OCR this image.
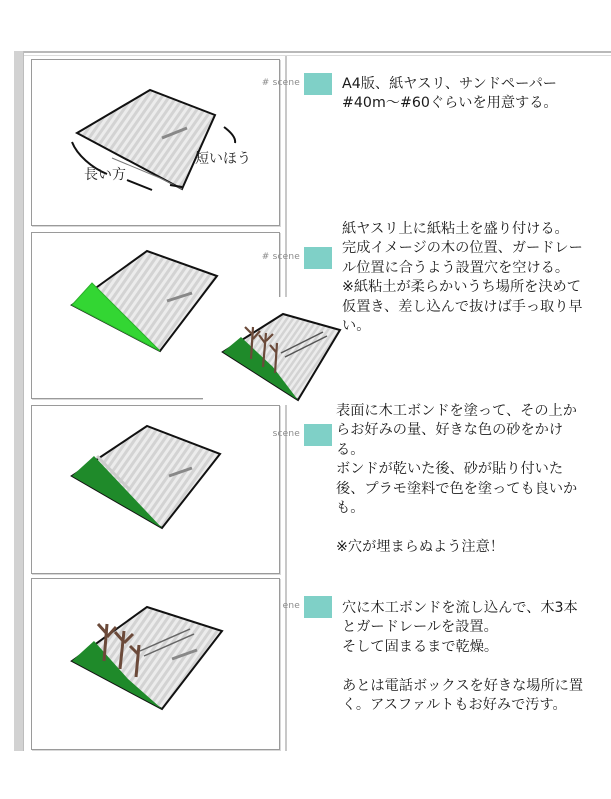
長い方
短いほう
# scene
# scene
scene
ene
A4版、紙ヤスリ、サンドペーパー#40m〜#60ぐらいを用意する。
紙ヤスリ上に紙粘土を盛り付ける。
完成イメージの木の位置、ガードレール位置に合うよう設置穴を空ける。
※紙粘土が柔らかいうち場所を決めて仮置き、差し込んで抜けば手っ取り早い。
表面に木工ボンドを塗って、その上からお好みの量、好きな色の砂をかける。
ボンドが乾いた後、砂が貼り付いた後、プラモ塗料で色を塗っても良いかも。

※穴が埋まらぬよう注意！
穴に木工ボンドを流し込んで、木3本とガードレールを設置。
そして固まるまで乾燥。

あとは電話ボックスを好きな場所に置く。アスファルトもお好みで汚す。
